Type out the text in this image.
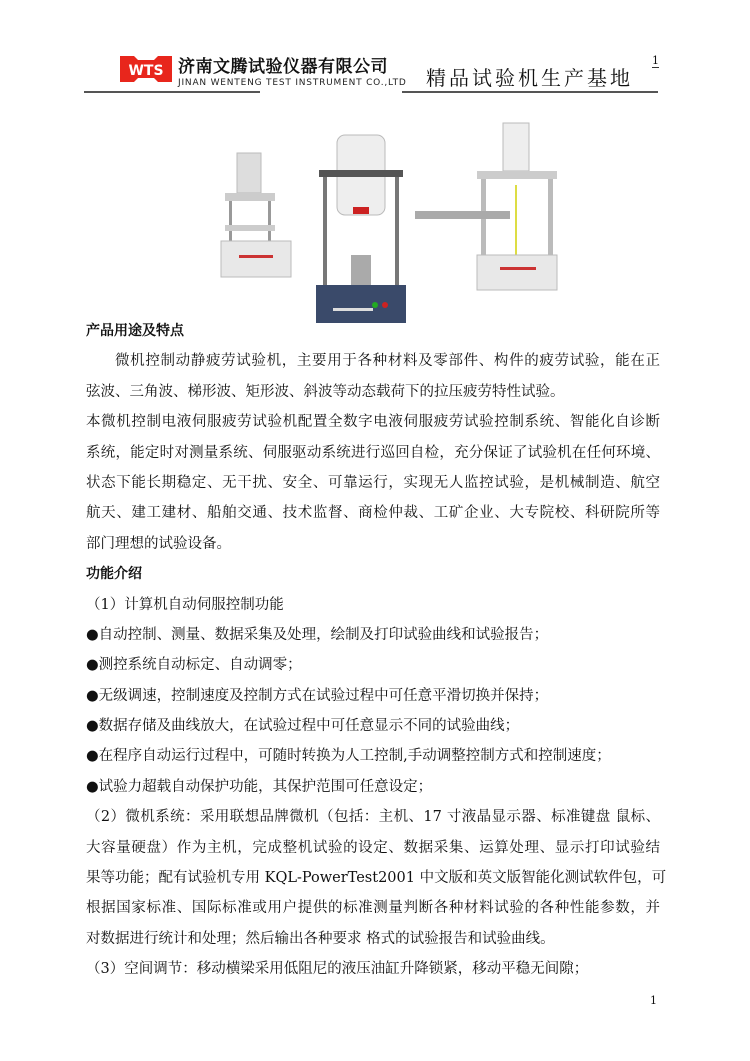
WTS 济南文腾试验仪器有限公司
JINAN WENTENG TEST INSTRUMENT CO.,LTD 精品试验机生产基地
1
产品用途及特点
微机控制动静疲劳试验机，主要用于各种材料及零部件、构件的疲劳试验，能在正
弦波、三角波、梯形波、矩形波、斜波等动态载荷下的拉压疲劳特性试验。
本微机控制电液伺服疲劳试验机配置全数字电液伺服疲劳试验控制系统、智能化自诊断
系统，能定时对测量系统、伺服驱动系统进行巡回自检，充分保证了试验机在任何环境、
状态下能长期稳定、无干扰、安全、可靠运行，实现无人监控试验，是机械制造、航空
航天、建工建材、船舶交通、技术监督、商检仲裁、工矿企业、大专院校、科研院所等
部门理想的试验设备。
功能介绍
（1）计算机自动伺服控制功能
●自动控制、测量、数据采集及处理，绘制及打印试验曲线和试验报告；
●测控系统自动标定、自动调零；
●无级调速，控制速度及控制方式在试验过程中可任意平滑切换并保持；
●数据存储及曲线放大，在试验过程中可任意显示不同的试验曲线；
●在程序自动运行过程中，可随时转换为人工控制,手动调整控制方式和控制速度；
●试验力超载自动保护功能，其保护范围可任意设定；
（2）微机系统：采用联想品牌微机（包括：主机、17 寸液晶显示器、标准键盘 鼠标、
大容量硬盘）作为主机，完成整机试验的设定、数据采集、运算处理、显示打印试验结
果等功能；配有试验机专用 KQL-PowerTest2001 中文版和英文版智能化测试软件包，可
根据国家标准、国际标准或用户提供的标准测量判断各种材料试验的各种性能参数，并
对数据进行统计和处理；然后输出各种要求 格式的试验报告和试验曲线。
（3）空间调节：移动横梁采用低阻尼的液压油缸升降锁紧，移动平稳无间隙；
1
